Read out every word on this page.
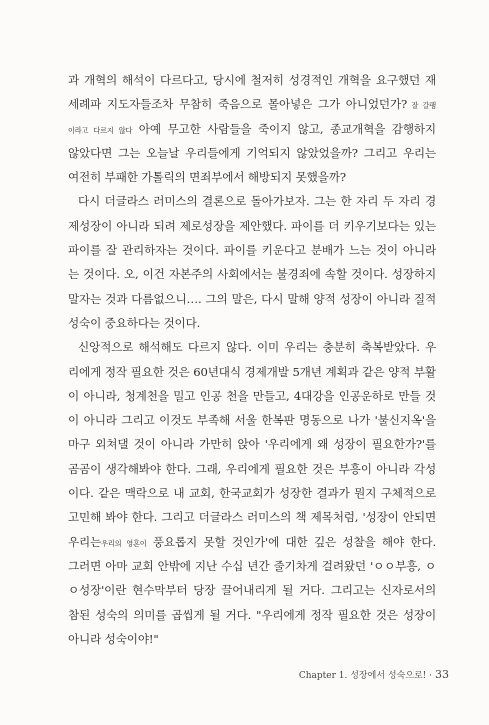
과 개혁의 해석이 다르다고, 당시에 철저히 성경적인 개혁을 요구했던 재
세례파 지도자들조차 무참히 죽음으로 몰아넣은 그가 아니었던가? 잘 갈팽
이라고 다르지 않다 아예 무고한 사람들을 죽이지 않고, 종교개혁을 감행하지
않았다면 그는 오늘날 우리들에게 기억되지 않았었을까? 그리고 우리는
여전히 부패한 가톨릭의 면죄부에서 해방되지 못했을까?
다시 더글라스 러미스의 결론으로 돌아가보자. 그는 한 자리 두 자리 경
제성장이 아니라 되려 제로성장을 제안했다. 파이를 더 키우기보다는 있는
파이를 잘 관리하자는 것이다. 파이를 키운다고 분배가 느는 것이 아니라
는 것이다. 오, 이건 자본주의 사회에서는 불경죄에 속할 것이다. 성장하지
말자는 것과 다름없으니…. 그의 말은, 다시 말해 양적 성장이 아니라 질적
성숙이 중요하다는 것이다.
신앙적으로 해석해도 다르지 않다. 이미 우리는 충분히 축복받았다. 우
리에게 정작 필요한 것은 60년대식 경제개발 5개년 계획과 같은 양적 부활
이 아니라, 청계천을 밀고 인공 천을 만들고, 4대강을 인공운하로 만들 것
이 아니라 그리고 이것도 부족해 서울 한복판 명동으로 나가 '불신지옥'을
마구 외쳐댈 것이 아니라 가만히 앉아 '우리에게 왜 성장이 필요한가?'를
곰곰이 생각해봐야 한다. 그래, 우리에게 필요한 것은 부흥이 아니라 각성
이다. 같은 맥락으로 내 교회, 한국교회가 성장한 결과가 뭔지 구체적으로
고민해 봐야 한다. 그리고 더글라스 러미스의 책 제목처럼, '성장이 안되면
우리는우리의 영혼이 풍요롭지 못할 것인가'에 대한 깊은 성찰을 해야 한다.
그러면 아마 교회 안밖에 지난 수십 년간 줄기차게 걸려왔던 'ㅇㅇ부흥, ㅇ
ㅇ성장'이란 현수막부터 당장 끌어내리게 될 거다. 그리고는 신자로서의
참된 성숙의 의미를 곱씹게 될 거다. "우리에게 정작 필요한 것은 성장이
아니라 성숙이야!"
Chapter 1. 성장에서 성숙으로! · 33
